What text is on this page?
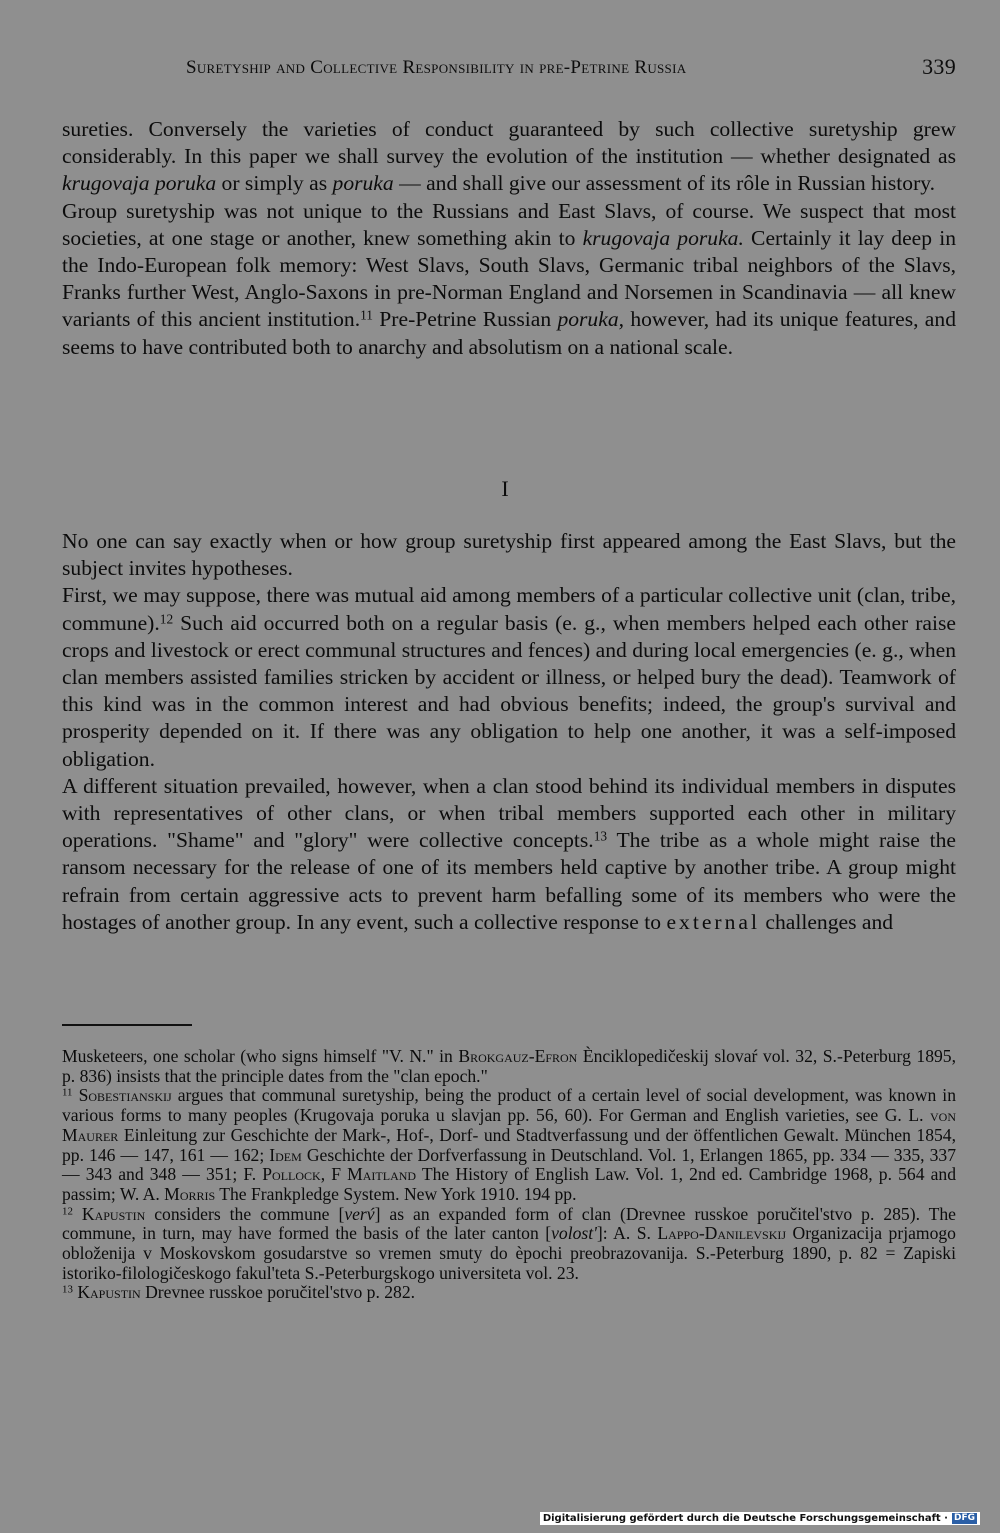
Suretyship and Collective Responsibility in pre-Petrine Russia	339

sureties. Conversely the varieties of conduct guaranteed by such collective suretyship grew considerably. In this paper we shall survey the evolution of the institution — whether designated as krugovaja poruka or simply as poruka — and shall give our assessment of its rôle in Russian history.

Group suretyship was not unique to the Russians and East Slavs, of course. We suspect that most societies, at one stage or another, knew something akin to krugovaja poruka. Certainly it lay deep in the Indo-European folk memory: West Slavs, South Slavs, Germanic tribal neighbors of the Slavs, Franks further West, Anglo-Saxons in pre-Norman England and Norsemen in Scandinavia — all knew variants of this ancient institution.$^{11}$ Pre-Petrine Russian poruka, however, had its unique features, and seems to have contributed both to anarchy and absolutism on a national scale.

I

No one can say exactly when or how group suretyship first appeared among the East Slavs, but the subject invites hypotheses.

First, we may suppose, there was mutual aid among members of a particular collective unit (clan, tribe, commune).$^{12}$ Such aid occurred both on a regular basis (e. g., when members helped each other raise crops and livestock or erect communal structures and fences) and during local emergencies (e. g., when clan members assisted families stricken by accident or illness, or helped bury the dead). Teamwork of this kind was in the common interest and had obvious benefits; indeed, the group's survival and prosperity depended on it. If there was any obligation to help one another, it was a self-imposed obligation.

A different situation prevailed, however, when a clan stood behind its individual members in disputes with representatives of other clans, or when tribal members supported each other in military operations. "Shame" and "glory" were collective concepts.$^{13}$ The tribe as a whole might raise the ransom necessary for the release of one of its members held captive by another tribe. A group might refrain from certain aggressive acts to prevent harm befalling some of its members who were the hostages of another group. In any event, such a collective response to external challenges and

Musketeers, one scholar (who signs himself "V. N." in Brokgauz-Efron Ènciklopedičeskij slovaŕ vol. 32, S.-Peterburg 1895, p. 836) insists that the principle dates from the "clan epoch."

$^{11}$ Sobestianskij argues that communal suretyship, being the product of a certain level of social development, was known in various forms to many peoples (Krugovaja poruka u slavjan pp. 56, 60). For German and English varieties, see G. L. von Maurer Einleitung zur Geschichte der Mark-, Hof-, Dorf- und Stadtverfassung und der öffentlichen Gewalt. München 1854, pp. 146 — 147, 161 — 162; Idem Geschichte der Dorfverfassung in Deutschland. Vol. 1, Erlangen 1865, pp. 334 — 335, 337 — 343 and 348 — 351; F. Pollock, F Maitland The History of English Law. Vol. 1, 2nd ed. Cambridge 1968, p. 564 and passim; W. A. Morris The Frankpledge System. New York 1910. 194 pp.

$^{12}$ Kapustin considers the commune [verv́] as an expanded form of clan (Drevnee russkoe poručitel'stvo p. 285). The commune, in turn, may have formed the basis of the later canton [volost']: A. S. Lappo-Danilevskij Organizacija prjamogo obloženija v Moskovskom gosudarstve so vremen smuty do èpochi preobrazovanija. S.-Peterburg 1890, p. 82 = Zapiski istoriko-filologičeskogo fakul'teta S.-Peterburgskogo universiteta vol. 23.

$^{13}$ Kapustin Drevnee russkoe poručitel'stvo p. 282.

Digitalisierung gefördert durch die Deutsche Forschungsgemeinschaft · DFG
